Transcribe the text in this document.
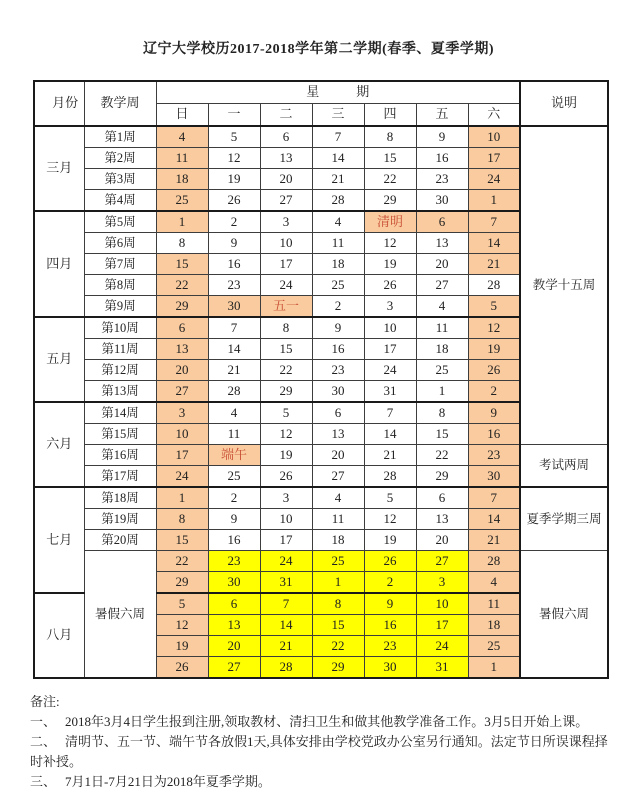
辽宁大学校历2017-2018学年第二学期(春季、夏季学期)
月份	教学周	星期							说明
		日	一	二	三	四	五	六	
三月	第1周	4	5	6	7	8	9	10	教学十五周
	第2周	11	12	13	14	15	16	17	
	第3周	18	19	20	21	22	23	24	
	第4周	25	26	27	28	29	30	1	
四月	第5周	1	2	3	4	清明	6	7	
	第6周	8	9	10	11	12	13	14	
	第7周	15	16	17	18	19	20	21	
	第8周	22	23	24	25	26	27	28	
	第9周	29	30	五一	2	3	4	5	
五月	第10周	6	7	8	9	10	11	12	
	第11周	13	14	15	16	17	18	19	
	第12周	20	21	22	23	24	25	26	
	第13周	27	28	29	30	31	1	2	
六月	第14周	3	4	5	6	7	8	9	
	第15周	10	11	12	13	14	15	16	
	第16周	17	端午	19	20	21	22	23	考试两周
	第17周	24	25	26	27	28	29	30	
七月	第18周	1	2	3	4	5	6	7	夏季学期三周
	第19周	8	9	10	11	12	13	14	
	第20周	15	16	17	18	19	20	21	
	暑假六周	22	23	24	25	26	27	28	暑假六周
		29	30	31	1	2	3	4	
八月		5	6	7	8	9	10	11	
		12	13	14	15	16	17	18	
		19	20	21	22	23	24	25	
		26	27	28	29	30	31	1	
备注:
一、 2018年3月4日学生报到注册,领取教材、清扫卫生和做其他教学准备工作。3月5日开始上课。
二、 清明节、五一节、端午节各放假1天,具体安排由学校党政办公室另行通知。法定节日所误课程择时补授。
三、 7月1日-7月21日为2018年夏季学期。
